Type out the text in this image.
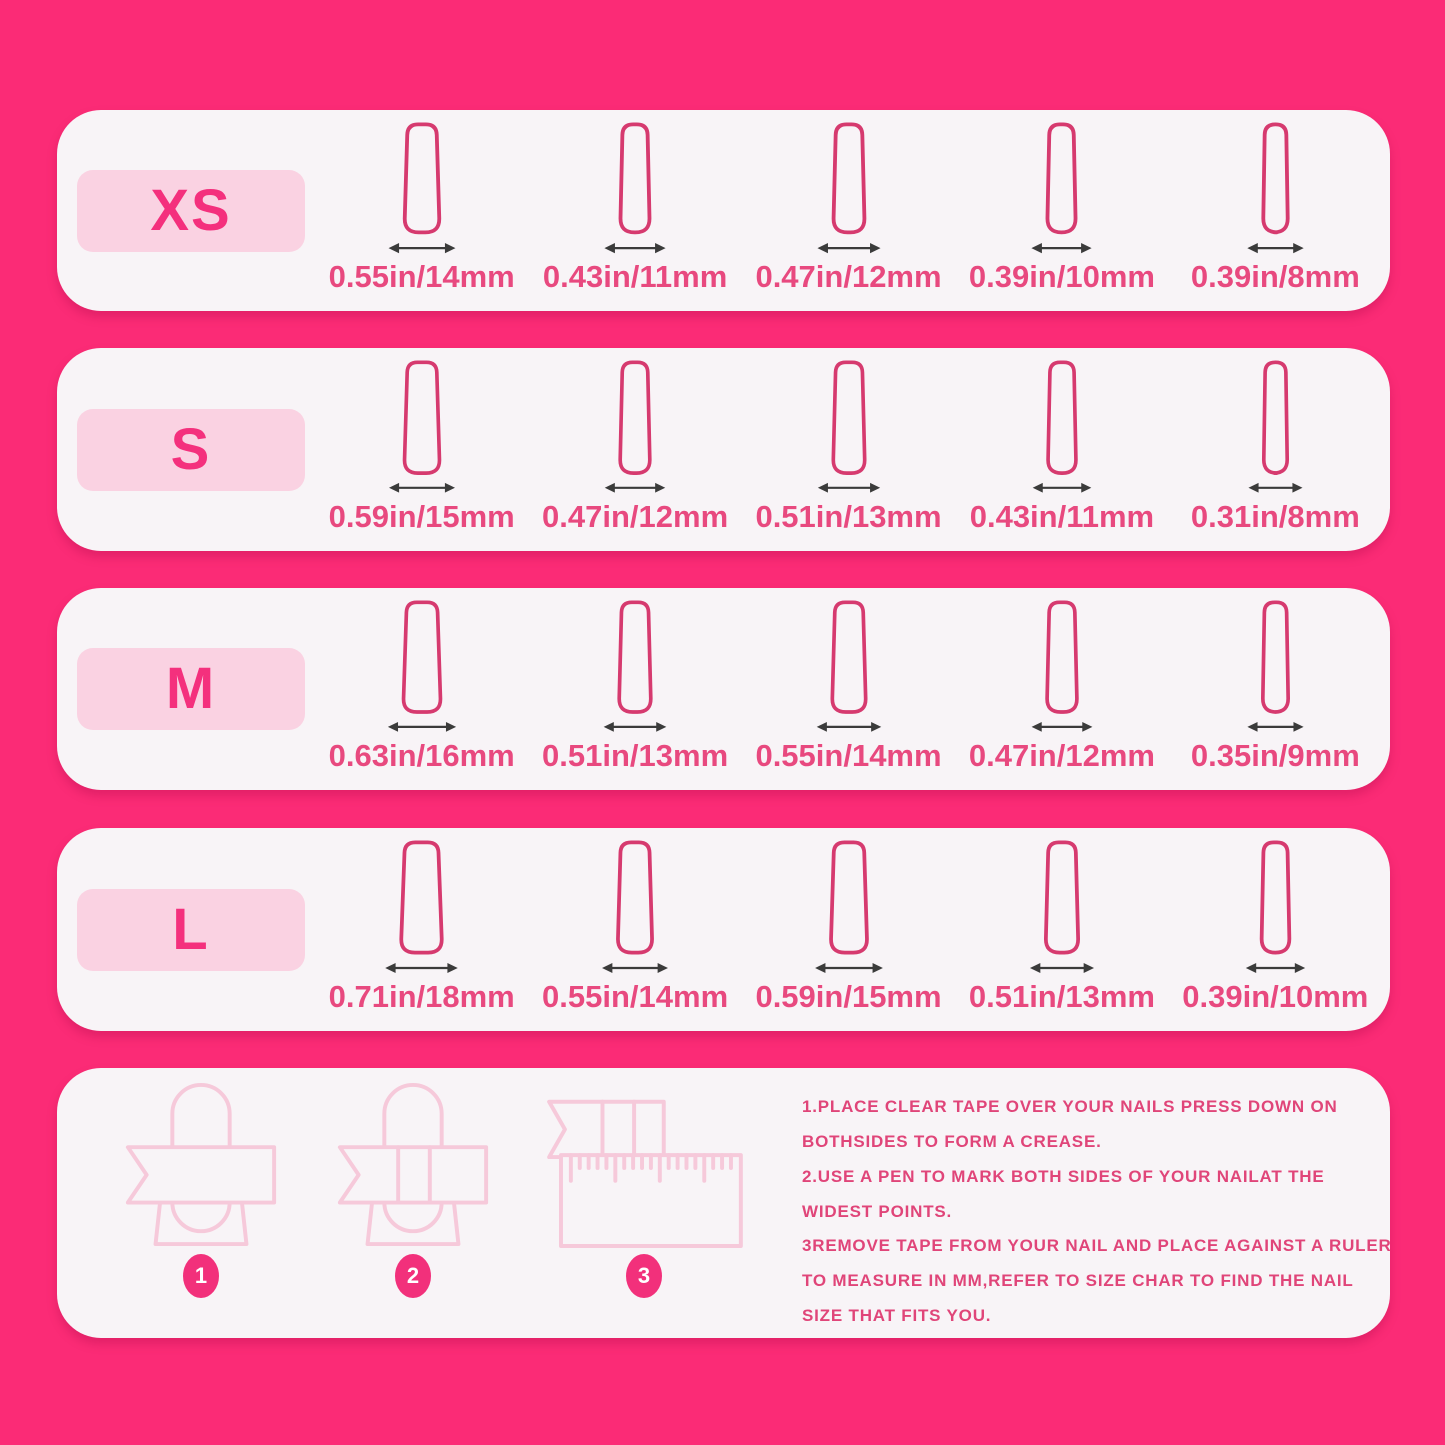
XS
0.55in/14mm 0.43in/11mm 0.47in/12mm 0.39in/10mm 0.39in/8mm
S
0.59in/15mm 0.47in/12mm 0.51in/13mm 0.43in/11mm 0.31in/8mm
M
0.63in/16mm 0.51in/13mm 0.55in/14mm 0.47in/12mm 0.35in/9mm
L
0.71in/18mm 0.55in/14mm 0.59in/15mm 0.51in/13mm 0.39in/10mm
1	2	3

1.PLACE CLEAR TAPE OVER YOUR NAILS PRESS DOWN ON BOTHSIDES TO FORM A CREASE.

2.USE A PEN TO MARK BOTH SIDES OF YOUR NAILAT THE WIDEST POINTS.

3REMOVE TAPE FROM YOUR NAIL AND PLACE AGAINST A RULER TO MEASURE IN MM,REFER TO SIZE CHAR TO FIND THE NAIL SIZE THAT FITS YOU.
